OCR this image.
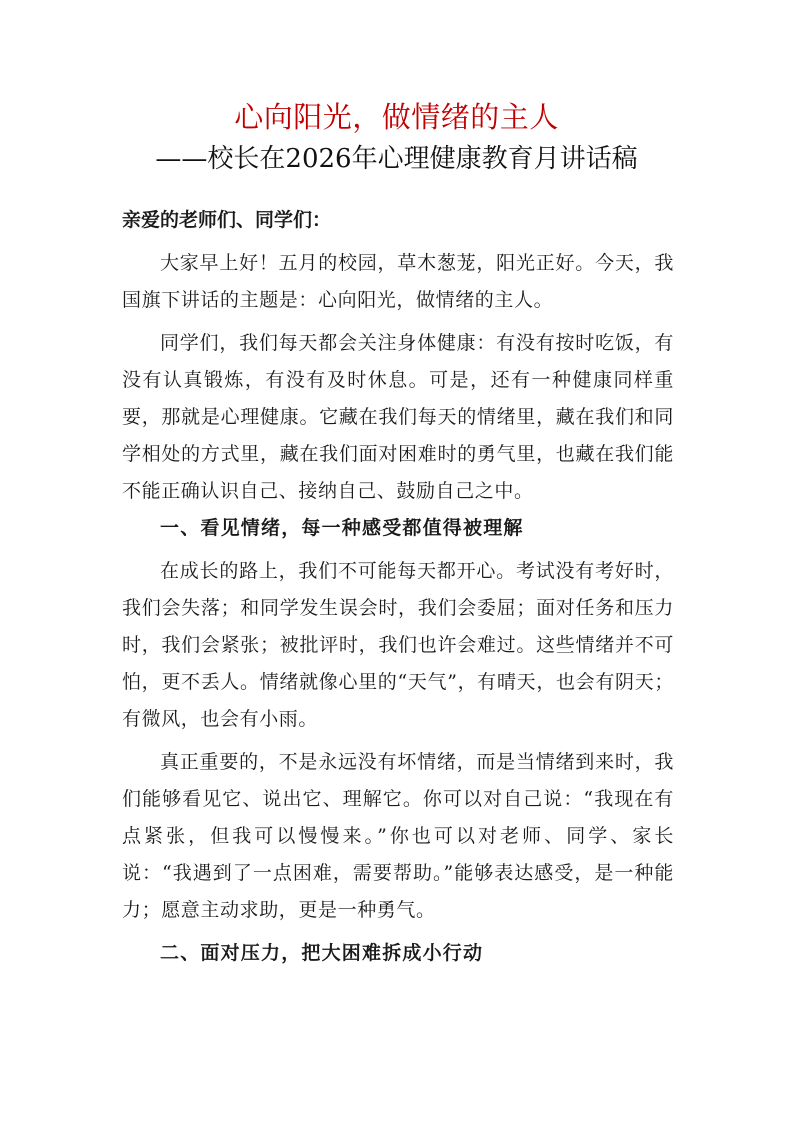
心向阳光，做情绪的主人
——校长在2026年心理健康教育月讲话稿
亲爱的老师们、同学们：

大家早上好！五月的校园，草木葱茏，阳光正好。今天，我国旗下讲话的主题是：心向阳光，做情绪的主人。

同学们，我们每天都会关注身体健康：有没有按时吃饭，有没有认真锻炼，有没有及时休息。可是，还有一种健康同样重要，那就是心理健康。它藏在我们每天的情绪里，藏在我们和同学相处的方式里，藏在我们面对困难时的勇气里，也藏在我们能不能正确认识自己、接纳自己、鼓励自己之中。

一、看见情绪，每一种感受都值得被理解

在成长的路上，我们不可能每天都开心。考试没有考好时，我们会失落；和同学发生误会时，我们会委屈；面对任务和压力时，我们会紧张；被批评时，我们也许会难过。这些情绪并不可怕，更不丢人。情绪就像心里的“天气”，有晴天，也会有阴天；有微风，也会有小雨。

真正重要的，不是永远没有坏情绪，而是当情绪到来时，我们能够看见它、说出它、理解它。你可以对自己说：“我现在有点紧张，但我可以慢慢来。”你也可以对老师、同学、家长说：“我遇到了一点困难，需要帮助。”能够表达感受，是一种能力；愿意主动求助，更是一种勇气。

二、面对压力，把大困难拆成小行动
